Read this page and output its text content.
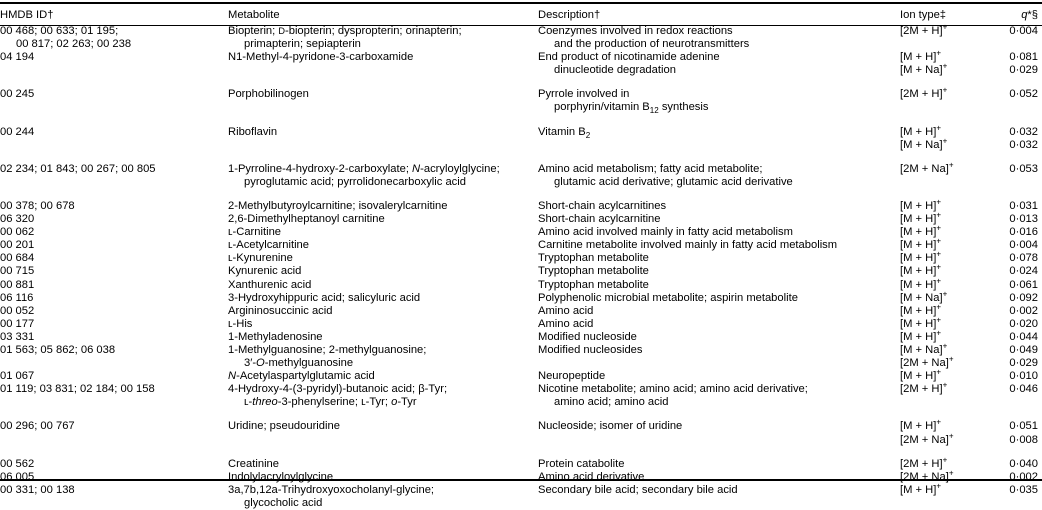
HMDB ID†	Metabolite	Description†	Ion type‡	q*§

00 468; 00 633; 01 195;	Biopterin; D-biopterin; dyspropterin; orinapterin;	Coenzymes involved in redox reactions	[2M + H]+	0·004

00 817; 02 263; 00 238	primapterin; sepiapterin	and the production of neurotransmitters		

04 194	N1-Methyl-4-pyridone-3-carboxamide	End product of nicotinamide adenine	[M + H]+	0·081

		dinucleotide degradation	[M + Na]+	0·029

00 245	Porphobilinogen	Pyrrole involved in	[2M + H]+	0·052

		porphyrin/vitamin $B_{12}$ synthesis		

00 244	Riboflavin	Vitamin $B_2$	[M + H]+	0·032
			[M + Na]+	0·032

02 234; 01 843; 00 267; 00 805	1-Pyrroline-4-hydroxy-2-carboxylate; N-acryloylglycine;	Amino acid metabolism; fatty acid metabolite;	[2M + Na]+	0·053

	pyroglutamic acid; pyrrolidonecarboxylic acid	glutamic acid derivative; glutamic acid derivative		

00 378; 00 678	2-Methylbutyroylcarnitine; isovalerylcarnitine	Short-chain acylcarnitines	[M + H]+	0·031

06 320	2,6-Dimethylheptanoyl carnitine	Short-chain acylcarnitine	[M + H]+	0·013

00 062	ʟ-Carnitine	Amino acid involved mainly in fatty acid metabolism	[M + H]+	0·016

00 201	ʟ-Acetylcarnitine	Carnitine metabolite involved mainly in fatty acid metabolism	[M + H]+	0·004

00 684	ʟ-Kynurenine	Tryptophan metabolite	[M + H]+	0·078

00 715	Kynurenic acid	Tryptophan metabolite	[M + H]+	0·024

00 881	Xanthurenic acid	Tryptophan metabolite	[M + H]+	0·061

06 116	3-Hydroxyhippuric acid; salicyluric acid	Polyphenolic microbial metabolite; aspirin metabolite	[M + Na]+	0·092

00 052	Argininosuccinic acid	Amino acid	[M + H]+	0·002

00 177	ʟ-His	Amino acid	[M + H]+	0·020

03 331	1-Methyladenosine	Modified nucleoside	[M + H]+	0·044

01 563; 05 862; 06 038	1-Methylguanosine; 2-methylguanosine;	Modified nucleosides	[M + Na]+	0·049

	3′-O-methylguanosine		[2M + Na]+	0·029

01 067	N-Acetylaspartylglutamic acid	Neuropeptide	[M + H]+	0·010

01 119; 03 831; 02 184; 00 158	4-Hydroxy-4-(3-pyridyl)-butanoic acid; β-Tyr;	Nicotine metabolite; amino acid; amino acid derivative;	[2M + H]+	0·046

	ʟ-threo-3-phenylserine; ʟ-Tyr; o-Tyr	amino acid; amino acid		

00 296; 00 767	Uridine; pseudouridine	Nucleoside; isomer of uridine	[M + H]+	0·051
			[2M + Na]+	0·008

00 562	Creatinine	Protein catabolite	[2M + H]+	0·040

06 005	Indolylacryloylglycine	Amino acid derivative	[2M + Na]+	0·002

00 331; 00 138	3a,7b,12a-Trihydroxyoxocholanyl-glycine;	Secondary bile acid; secondary bile acid	[M + H]+	0·035

	glycocholic acid			
